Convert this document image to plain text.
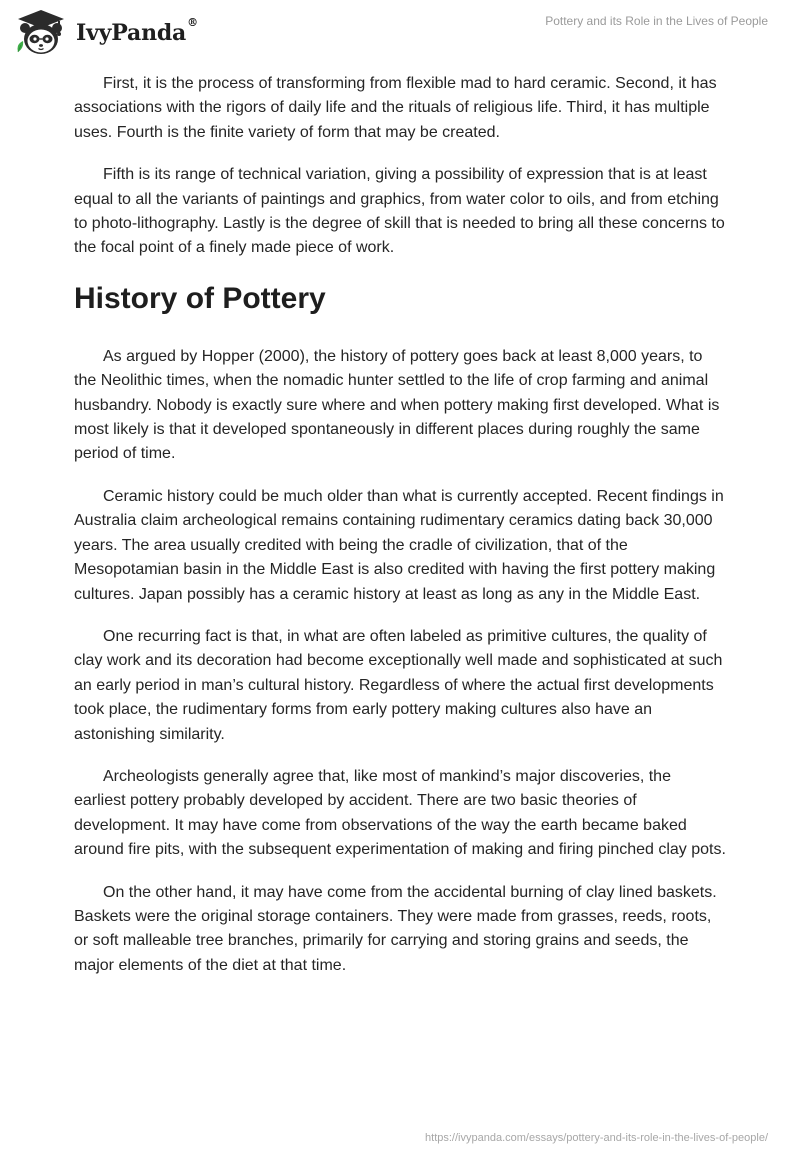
IvyPanda®	Pottery and its Role in the Lives of People

First, it is the process of transforming from flexible mad to hard ceramic. Second, it has associations with the rigors of daily life and the rituals of religious life. Third, it has multiple uses. Fourth is the finite variety of form that may be created.

Fifth is its range of technical variation, giving a possibility of expression that is at least equal to all the variants of paintings and graphics, from water color to oils, and from etching to photo-lithography. Lastly is the degree of skill that is needed to bring all these concerns to the focal point of a finely made piece of work.

History of Pottery

As argued by Hopper (2000), the history of pottery goes back at least 8,000 years, to the Neolithic times, when the nomadic hunter settled to the life of crop farming and animal husbandry. Nobody is exactly sure where and when pottery making first developed. What is most likely is that it developed spontaneously in different places during roughly the same period of time.

Ceramic history could be much older than what is currently accepted. Recent findings in Australia claim archeological remains containing rudimentary ceramics dating back 30,000 years. The area usually credited with being the cradle of civilization, that of the Mesopotamian basin in the Middle East is also credited with having the first pottery making cultures. Japan possibly has a ceramic history at least as long as any in the Middle East.

One recurring fact is that, in what are often labeled as primitive cultures, the quality of clay work and its decoration had become exceptionally well made and sophisticated at such an early period in man’s cultural history. Regardless of where the actual first developments took place, the rudimentary forms from early pottery making cultures also have an astonishing similarity.

Archeologists generally agree that, like most of mankind’s major discoveries, the earliest pottery probably developed by accident. There are two basic theories of development. It may have come from observations of the way the earth became baked around fire pits, with the subsequent experimentation of making and firing pinched clay pots.

On the other hand, it may have come from the accidental burning of clay lined baskets. Baskets were the original storage containers. They were made from grasses, reeds, roots, or soft malleable tree branches, primarily for carrying and storing grains and seeds, the major elements of the diet at that time.

https://ivypanda.com/essays/pottery-and-its-role-in-the-lives-of-people/
